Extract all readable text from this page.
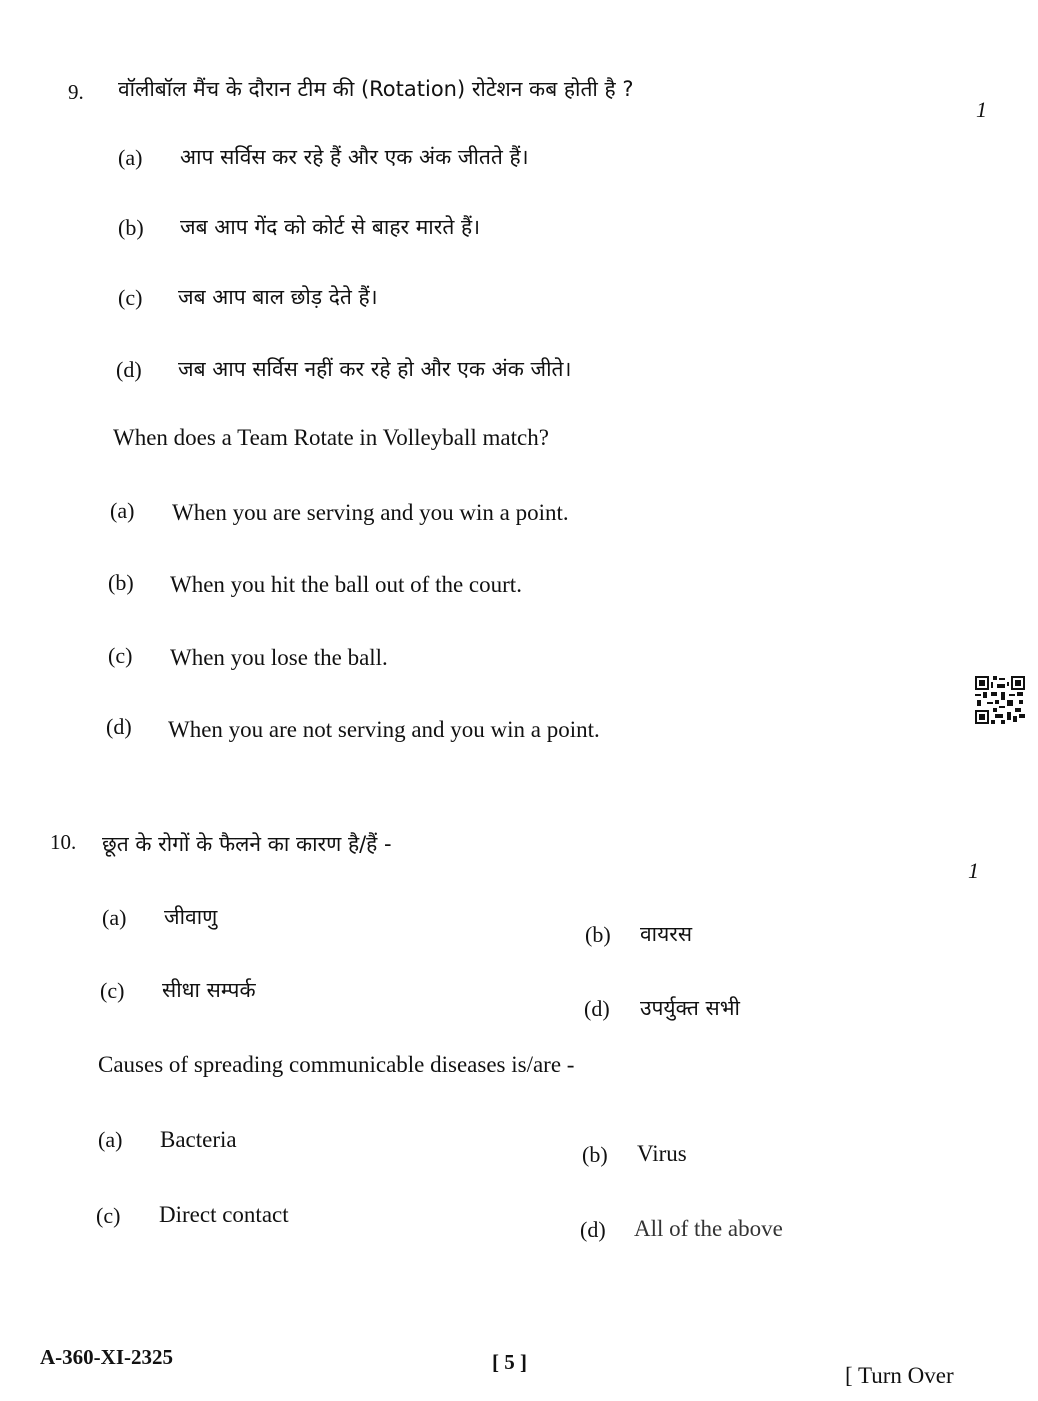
9. वॉलीबॉल मैंच के दौरान टीम की (Rotation) रोटेशन कब होती है ?
1
(a) आप सर्विस कर रहे हैं और एक अंक जीतते हैं।
(b) जब आप गेंद को कोर्ट से बाहर मारते हैं।
(c) जब आप बाल छोड़ देते हैं।
(d) जब आप सर्विस नहीं कर रहे हो और एक अंक जीते।
When does a Team Rotate in Volleyball match?
(a) When you are serving and you win a point.
(b) When you hit the ball out of the court.
(c) When you lose the ball.
(d) When you are not serving and you win a point.
10. छूत के रोगों के फैलने का कारण है/हैं -
1
(a) जीवाणु
(b) वायरस
(c) सीधा सम्पर्क
(d) उपर्युक्त सभी
Causes of spreading communicable diseases is/are -
(a) Bacteria
(b) Virus
(c) Direct contact
(d) All of the above
A-360-XI-2325	[ 5 ]
[ Turn Over
